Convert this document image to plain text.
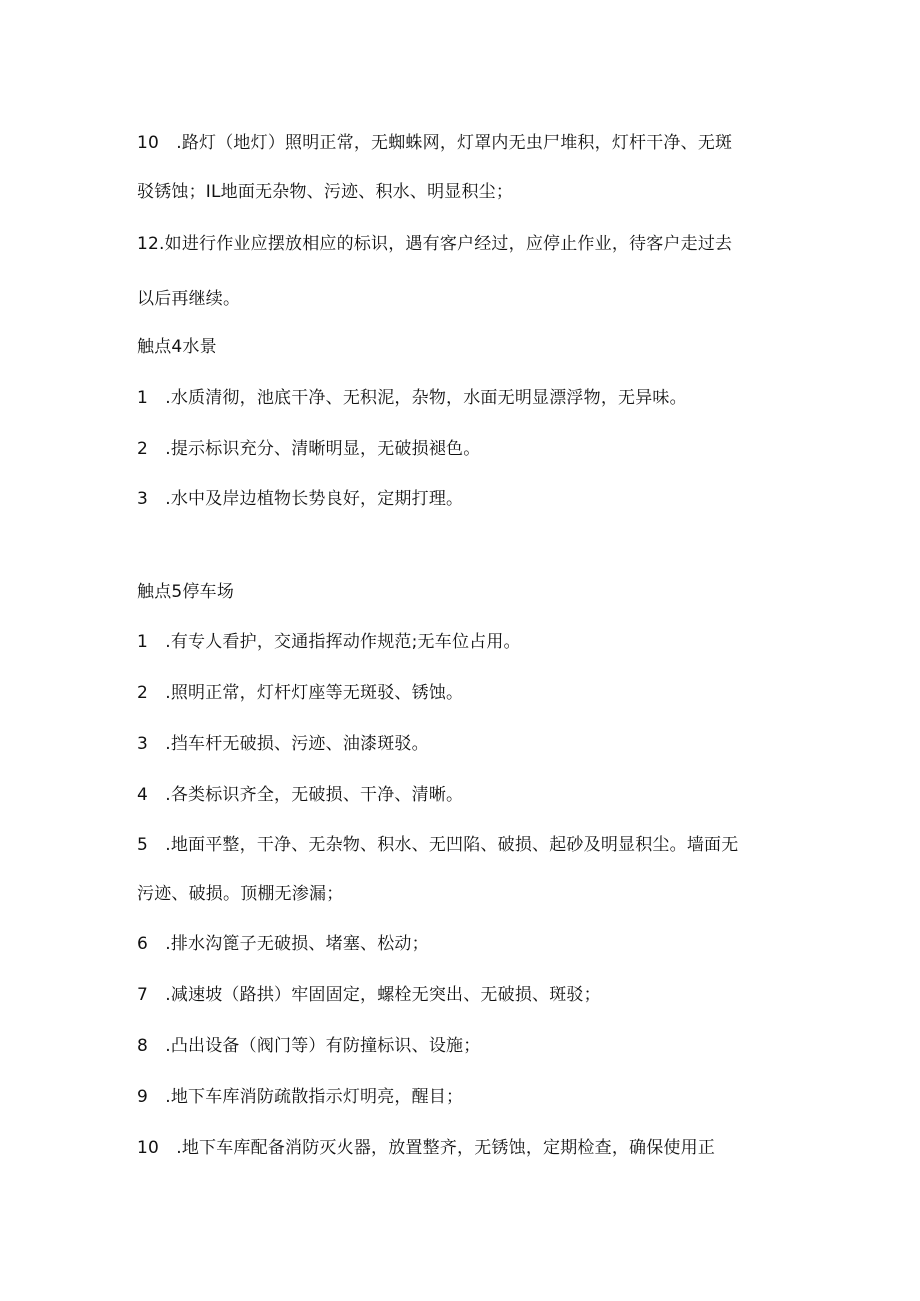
10　.路灯（地灯）照明正常，无蜘蛛网，灯罩内无虫尸堆积，灯杆干净、无斑
驳锈蚀；IL地面无杂物、污迹、积水、明显积尘；
12.如进行作业应摆放相应的标识，遇有客户经过，应停止作业，待客户走过去
以后再继续。
触点4水景
1　.水质清彻，池底干净、无积泥，杂物，水面无明显漂浮物，无异味。
2　.提示标识充分、清晰明显，无破损褪色。
3　.水中及岸边植物长势良好，定期打理。
触点5停车场
1　.有专人看护，交通指挥动作规范;无车位占用。
2　.照明正常，灯杆灯座等无斑驳、锈蚀。
3　.挡车杆无破损、污迹、油漆斑驳。
4　.各类标识齐全，无破损、干净、清晰。
5　.地面平整，干净、无杂物、积水、无凹陷、破损、起砂及明显积尘。墙面无
污迹、破损。顶棚无渗漏；
6　.排水沟篦子无破损、堵塞、松动；
7　.减速坡（路拱）牢固固定，螺栓无突出、无破损、斑驳；
8　.凸出设备（阀门等）有防撞标识、设施；
9　.地下车库消防疏散指示灯明亮，醒目；
10　.地下车库配备消防灭火器，放置整齐，无锈蚀，定期检查，确保使用正
